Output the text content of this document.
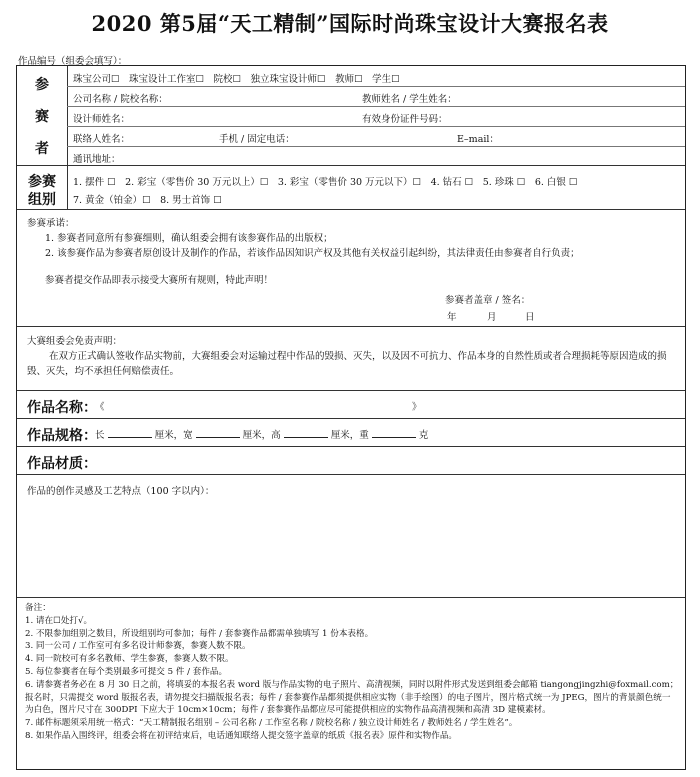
2020 第5届“天工精制”国际时尚珠宝设计大赛报名表
作品编号（组委会填写）：
参
赛
者
珠宝公司☐　珠宝设计工作室☐　院校☐　独立珠宝设计师☐　教师☐　学生☐
公司名称 / 院校名称：	教师姓名 / 学生姓名：
设计师姓名：	有效身份证件号码：
联络人姓名：	手机 / 固定电话：	E–mail：
通讯地址：
参赛
组别
1. 摆件 ☐　2. 彩宝（零售价 30 万元以上）☐　3. 彩宝（零售价 30 万元以下）☐　4. 钻石 ☐　5. 珍珠 ☐　6. 白银 ☐
7. 黄金（铂金）☐　8. 男士首饰 ☐
参赛承诺：
1. 参赛者同意所有参赛细则，确认组委会拥有该参赛作品的出版权；
2. 该参赛作品为参赛者原创设计及制作的作品，若该作品因知识产权及其他有关权益引起纠纷，其法律责任由参赛者自行负责；
参赛者提交作品即表示接受大赛所有规则，特此声明！
参赛者盖章 / 签名：
年	月	日
大赛组委会免责声明：
在双方正式确认签收作品实物前，大赛组委会对运输过程中作品的毁损、灭失，以及因不可抗力、作品本身的自然性质或者合理损耗等原因造成的损毁、灭失，均不承担任何赔偿责任。
作品名称：
《	》
作品规格：
长	厘米，宽	厘米，高	厘米，重	克
作品材质：
作品的创作灵感及工艺特点（100 字以内）：
备注：
1. 请在☐处打√。
2. 不限参加组别之数目，所设组别均可参加；每件 / 套参赛作品都需单独填写 1 份本表格。
3. 同一公司 / 工作室可有多名设计师参赛，参赛人数不限。
4. 同一院校可有多名教师、学生参赛，参赛人数不限。
5. 每位参赛者在每个类别最多可提交 5 件 / 套作品。
6. 请参赛者务必在 8 月 30 日之前，将填妥的本报名表 word 版与作品实物的电子照片、高清视频，同时以附件形式发送到组委会邮箱 tiangongjingzhi@foxmail.com；报名时，只需提交 word 版报名表，请勿提交扫描版报名表；每件 / 套参赛作品都须提供相应实物（非手绘图）的电子图片，图片格式统一为 JPEG，图片的背景颜色统一为白色，图片尺寸在 300DPI 下应大于 10cm×10cm；每件 / 套参赛作品都应尽可能提供相应的实物作品高清视频和高清 3D 建模素材。
7. 邮件标题须采用统一格式：“天工精制报名组别 – 公司名称 / 工作室名称 / 院校名称 / 独立设计师姓名 / 教师姓名 / 学生姓名”。
8. 如果作品入围终评，组委会将在初评结束后，电话通知联络人提交签字盖章的纸质《报名表》原件和实物作品。
